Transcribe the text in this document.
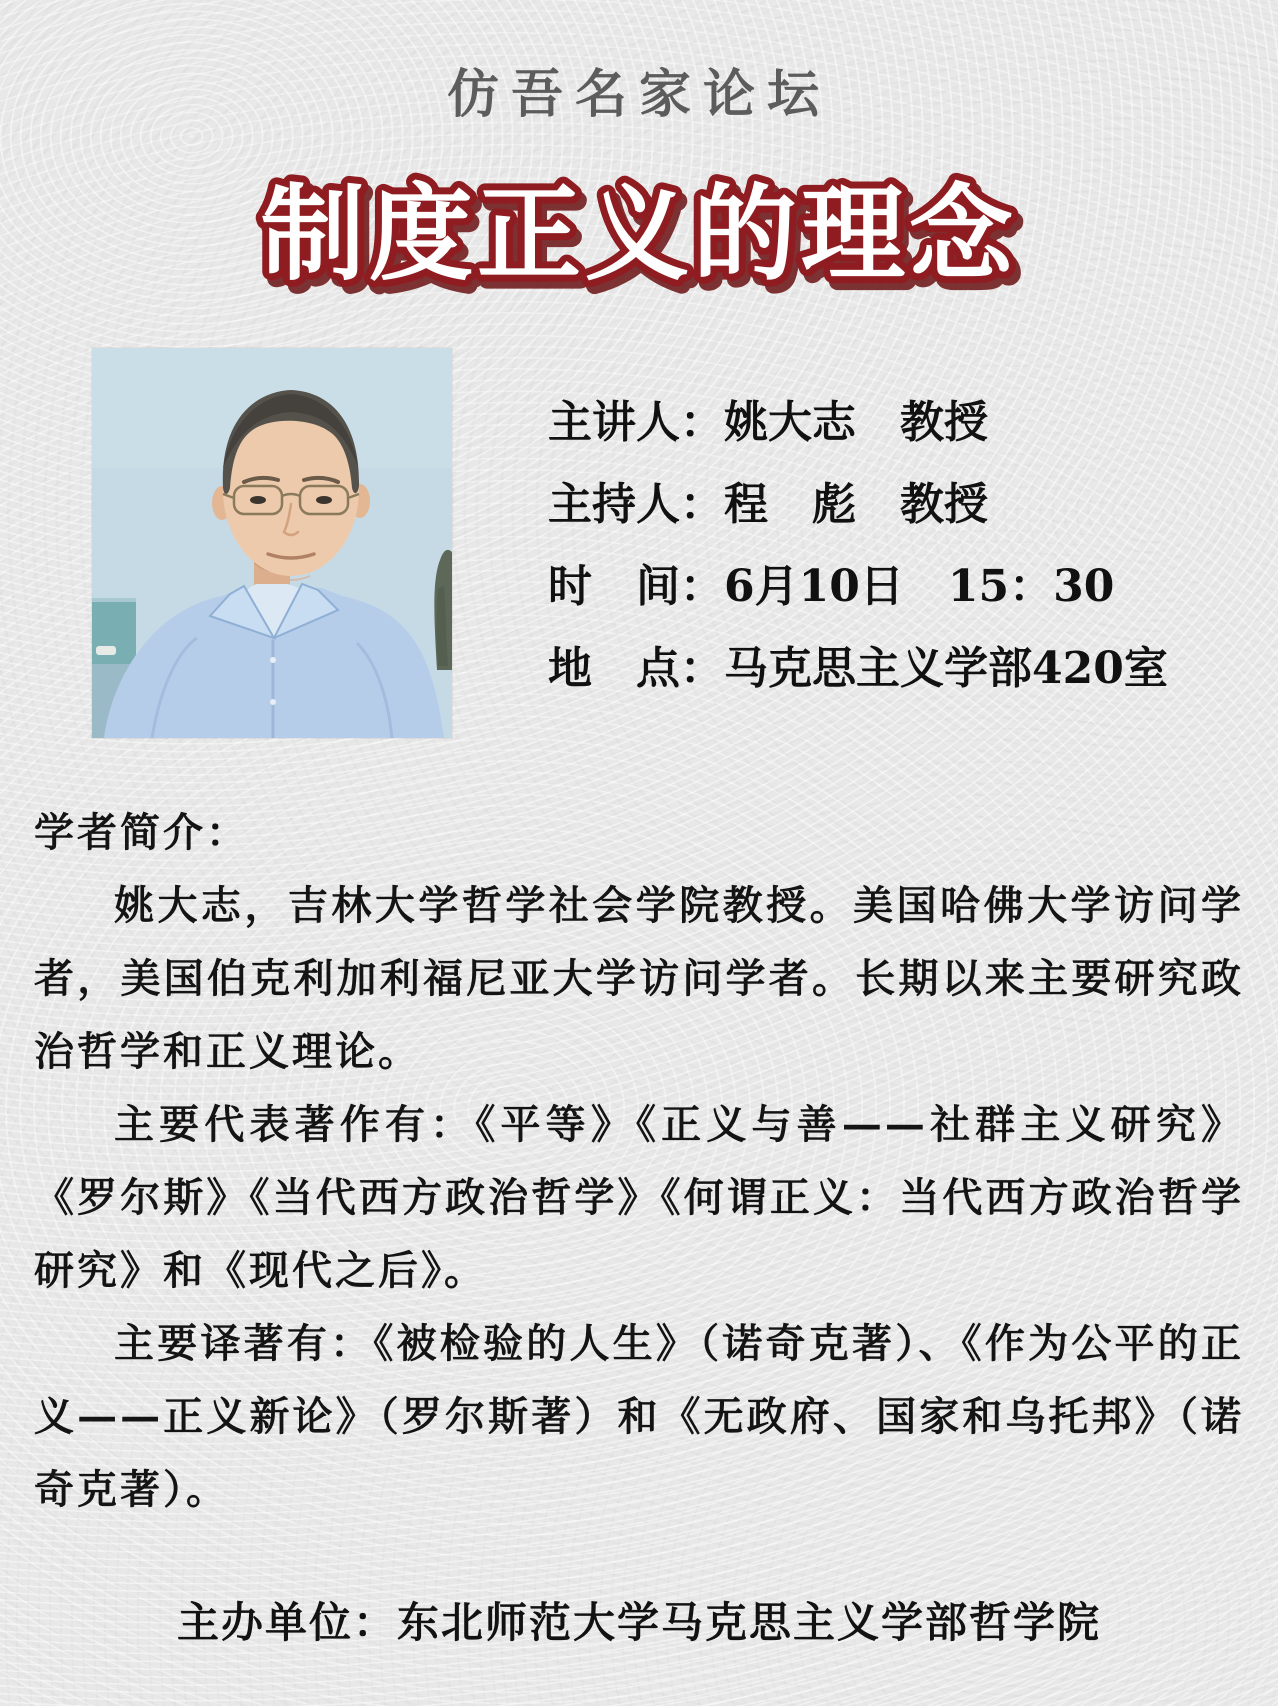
仿吾名家论坛
制度正义的理念
主讲人：姚大志　教授
主持人：程　彪　教授
时　间：6月10日　15：30
地　点：马克思主义学部420室
学者简介：

姚大志，吉林大学哲学社会学院教授。美国哈佛大学访问学者，美国伯克利加利福尼亚大学访问学者。长期以来主要研究政治哲学和正义理论。

主要代表著作有：《平等》《正义与善——社群主义研究》《罗尔斯》《当代西方政治哲学》《何谓正义：当代西方政治哲学研究》和《现代之后》。

主要译著有：《被检验的人生》（诺奇克著）、《作为公平的正义——正义新论》（罗尔斯著）和《无政府、国家和乌托邦》（诺奇克著）。

主办单位：东北师范大学马克思主义学部哲学院
